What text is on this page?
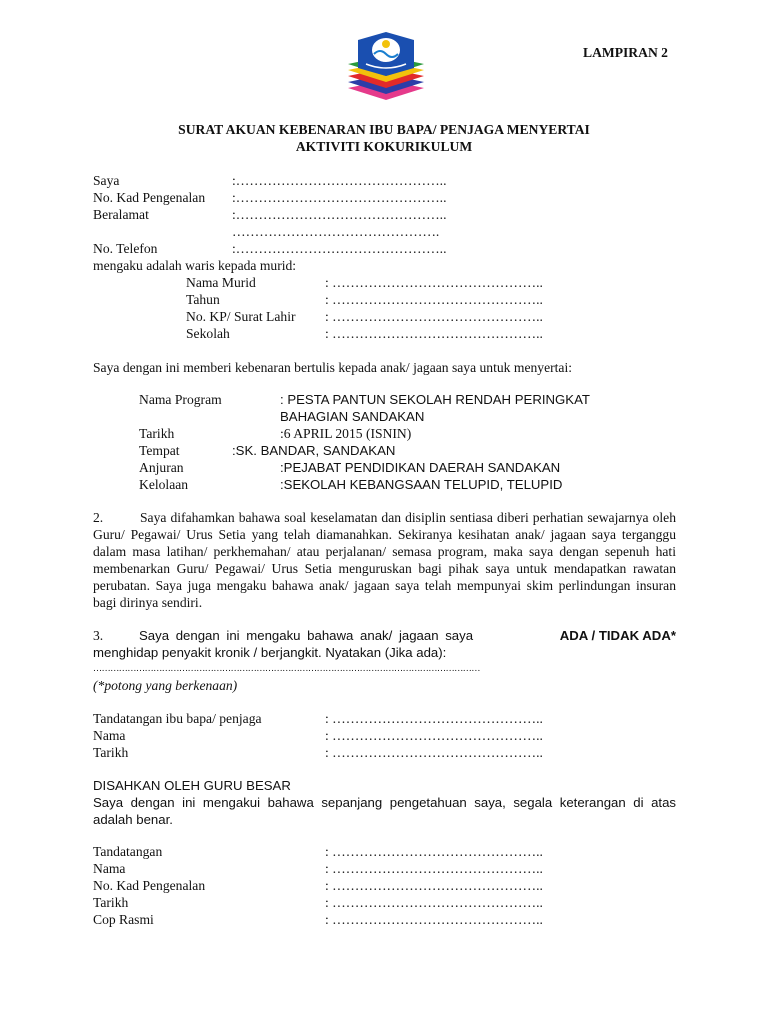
LAMPIRAN 2
SURAT AKUAN KEBENARAN IBU BAPA/ PENJAGA MENYERTAI
AKTIVITI KOKURIKULUM
Saya	:………………………………………..
No. Kad Pengenalan :………………………………………..
Beralamat	:………………………………………..
……………………………………….
No. Telefon	:………………………………………..
mengaku adalah waris kepada murid:
Nama Murid	: ………………………………………..
Tahun	: ………………………………………..
No. KP/ Surat Lahir : ………………………………………..
Sekolah	: ………………………………………..
Saya dengan ini memberi kebenaran bertulis kepada anak/ jagaan saya untuk menyertai:
Nama Program	: PESTA PANTUN SEKOLAH RENDAH PERINGKAT
BAHAGIAN SANDAKAN
Tarikh	:6 APRIL 2015 (ISNIN)
Tempat	:SK. BANDAR, SANDAKAN
Anjuran	:PEJABAT PENDIDIKAN DAERAH SANDAKAN
Kelolaan	:SEKOLAH KEBANGSAAN TELUPID, TELUPID
2.	Saya difahamkan bahawa soal keselamatan dan disiplin sentiasa diberi perhatian sewajarnya oleh Guru/ Pegawai/ Urus Setia yang telah diamanahkan. Sekiranya kesihatan anak/ jagaan saya terganggu dalam masa latihan/ perkhemahan/ atau perjalanan/ semasa program, maka saya dengan sepenuh hati membenarkan Guru/ Pegawai/ Urus Setia menguruskan bagi pihak saya untuk mendapatkan rawatan perubatan. Saya juga mengaku bahawa anak/ jagaan saya telah mempunyai skim perlindungan insuran bagi dirinya sendiri.
3.	Saya dengan ini mengaku bahawa anak/ jagaan saya	ADA / TIDAK ADA*
menghidap penyakit kronik / berjangkit. Nyatakan (Jika ada):
………………………………………………………………………………………………………………………
(*potong yang berkenaan)
Tandatangan ibu bapa/ penjaga	: ………………………………………..
Nama	: ………………………………………..
Tarikh	: ………………………………………..
DISAHKAN OLEH GURU BESAR
Saya dengan ini mengakui bahawa sepanjang pengetahuan saya, segala keterangan di atas adalah benar.
Tandatangan	: ………………………………………..
Nama	: ………………………………………..
No. Kad Pengenalan	: ………………………………………..
Tarikh	: ………………………………………..
Cop Rasmi	: ………………………………………..
